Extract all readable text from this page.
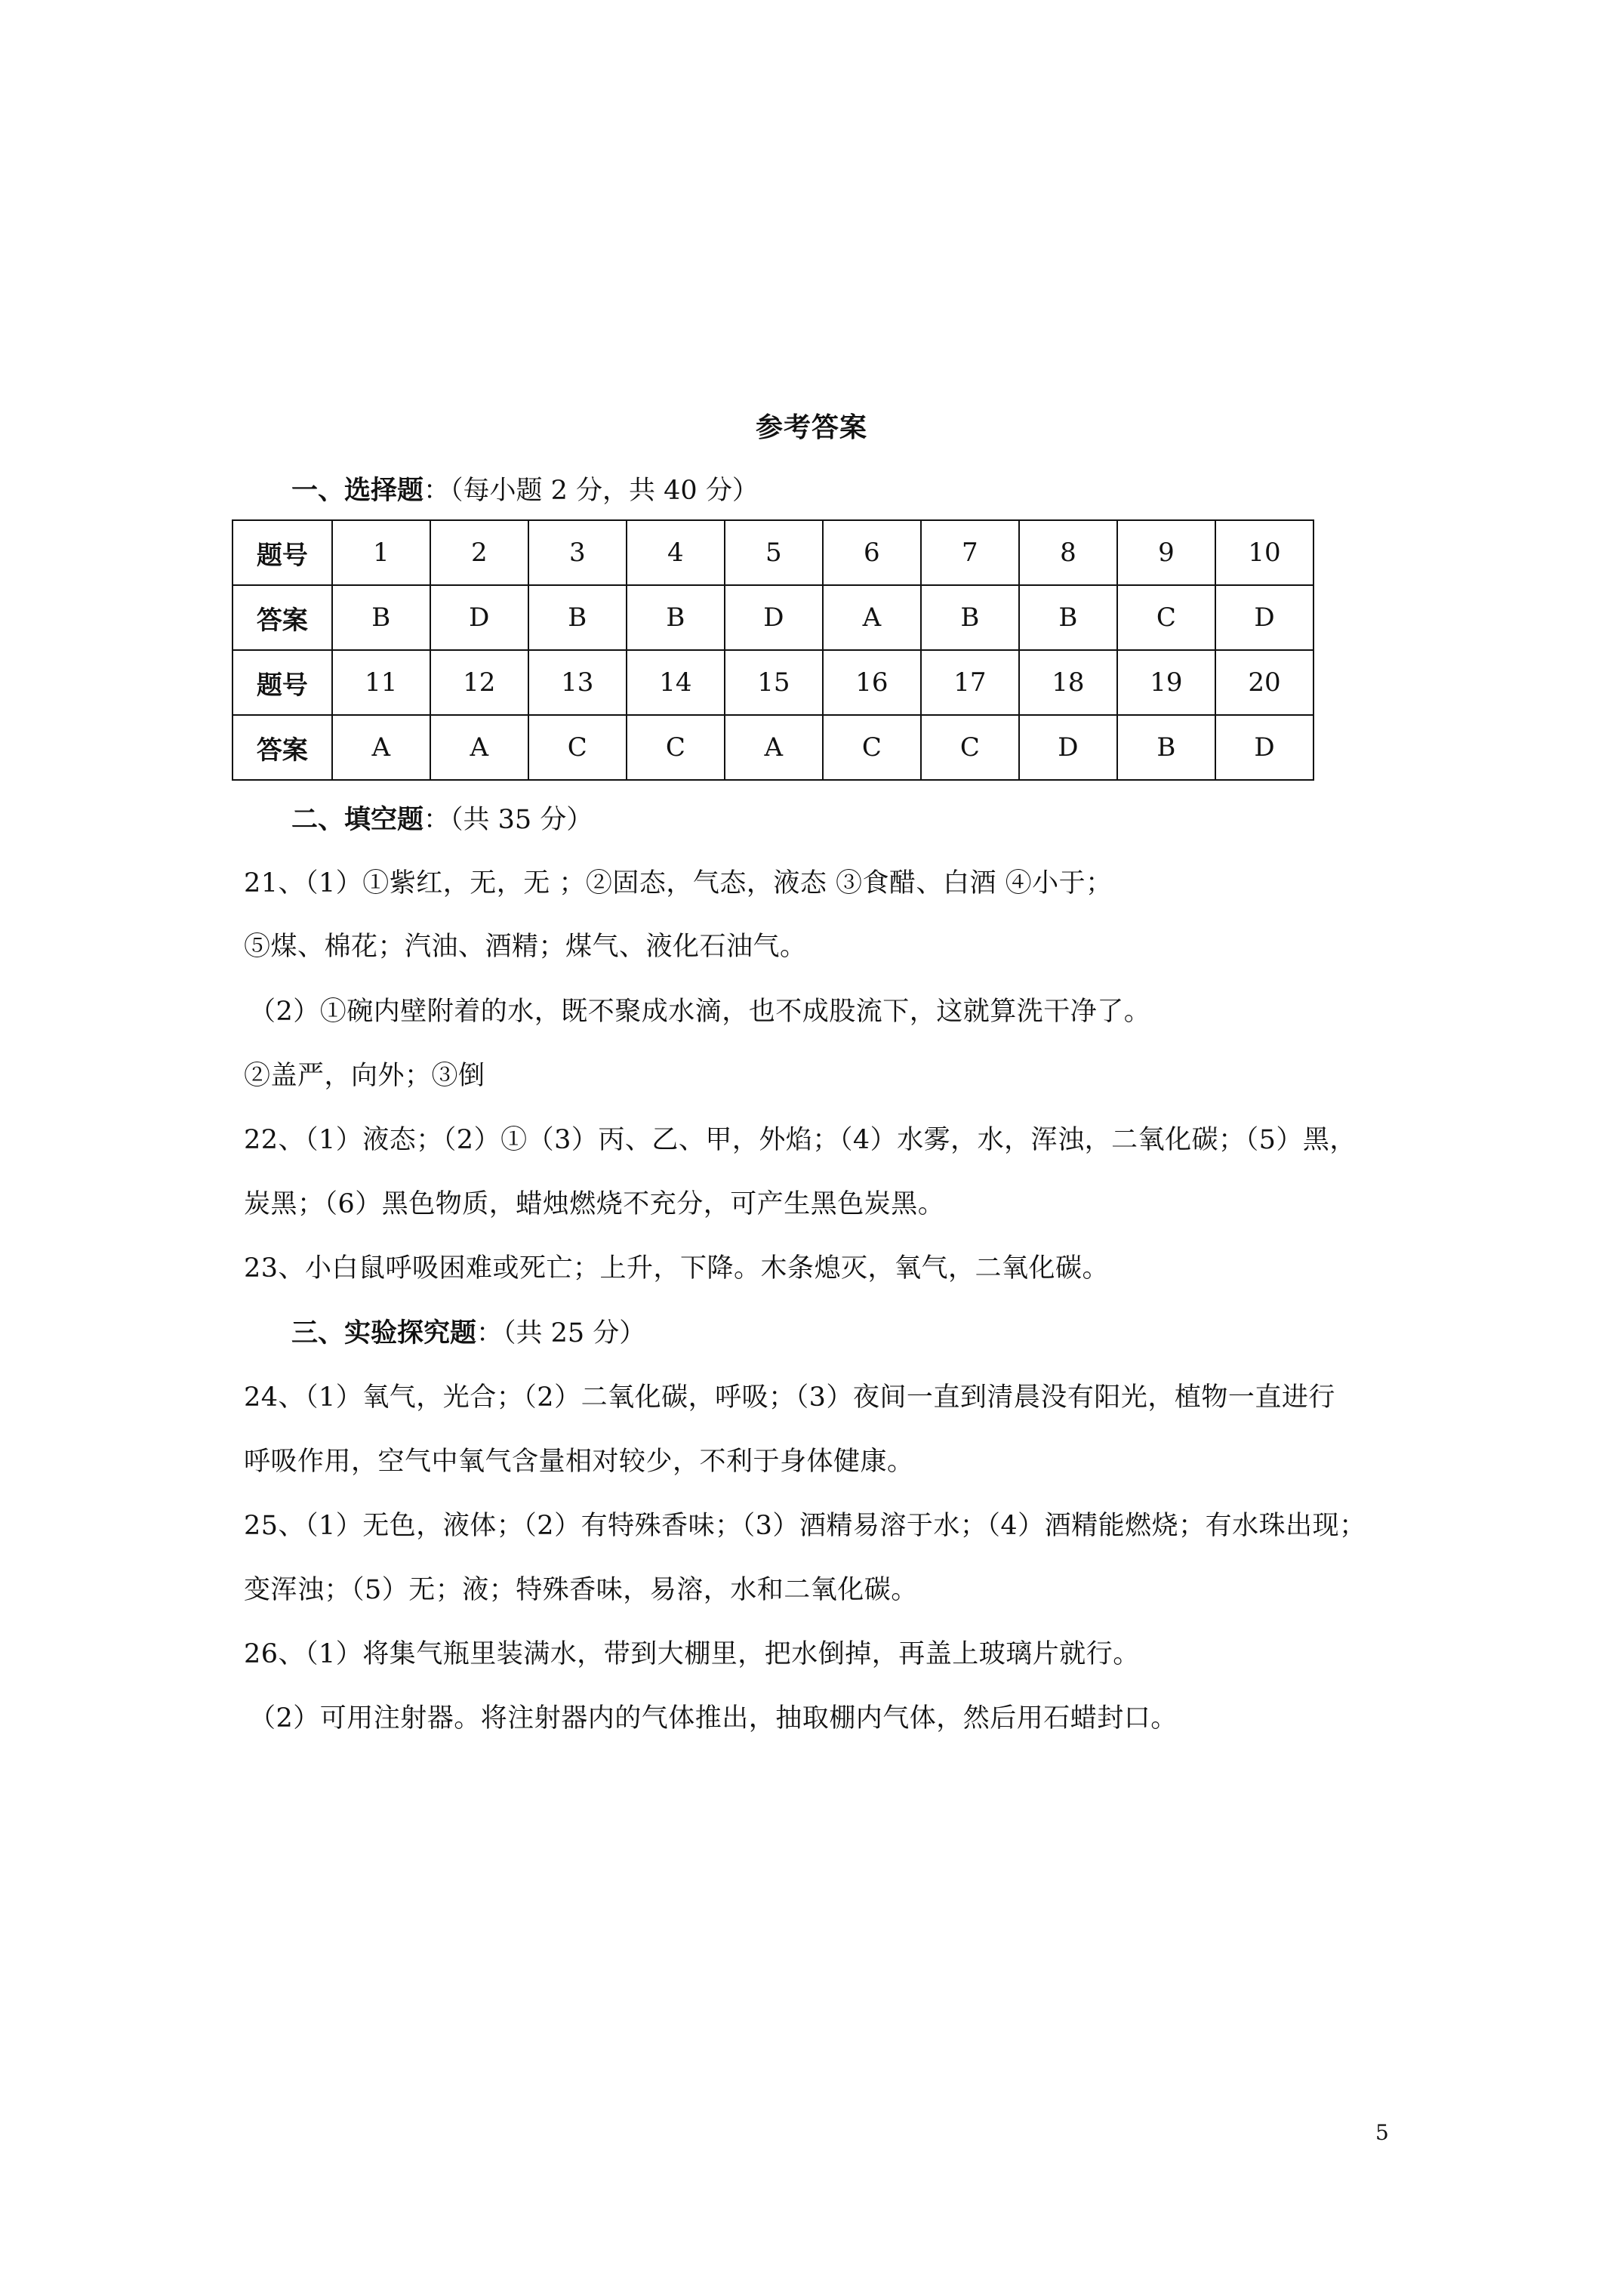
参考答案
一、选择题：（每小题 2 分，共 40 分）
题号	1	2	3	4	5	6	7	8	9	10
答案	B	D	B	B	D	A	B	B	C	D
题号	11	12	13	14	15	16	17	18	19	20
答案	A	A	C	C	A	C	C	D	B	D
二、填空题：（共 35 分）
21、（1）①紫红，无，无 ；②固态，气态，液态 ③食醋、白酒 ④小于；
⑤煤、棉花；汽油、酒精；煤气、液化石油气。
（2）①碗内壁附着的水，既不聚成水滴，也不成股流下，这就算洗干净了。
②盖严，向外；③倒
22、（1）液态；（2）①（3）丙、乙、甲，外焰；（4）水雾，水，浑浊，二氧化碳；（5）黑，
炭黑；（6）黑色物质，蜡烛燃烧不充分，可产生黑色炭黑。
23、小白鼠呼吸困难或死亡；上升，下降。木条熄灭，氧气，二氧化碳。
三、实验探究题：（共 25 分）
24、（1）氧气，光合；（2）二氧化碳，呼吸；（3）夜间一直到清晨没有阳光，植物一直进行
呼吸作用，空气中氧气含量相对较少，不利于身体健康。
25、（1）无色，液体；（2）有特殊香味；（3）酒精易溶于水；（4）酒精能燃烧；有水珠出现；
变浑浊；（5）无；液；特殊香味，易溶，水和二氧化碳。
26、（1）将集气瓶里装满水，带到大棚里，把水倒掉，再盖上玻璃片就行。
（2）可用注射器。将注射器内的气体推出，抽取棚内气体，然后用石蜡封口。
5
